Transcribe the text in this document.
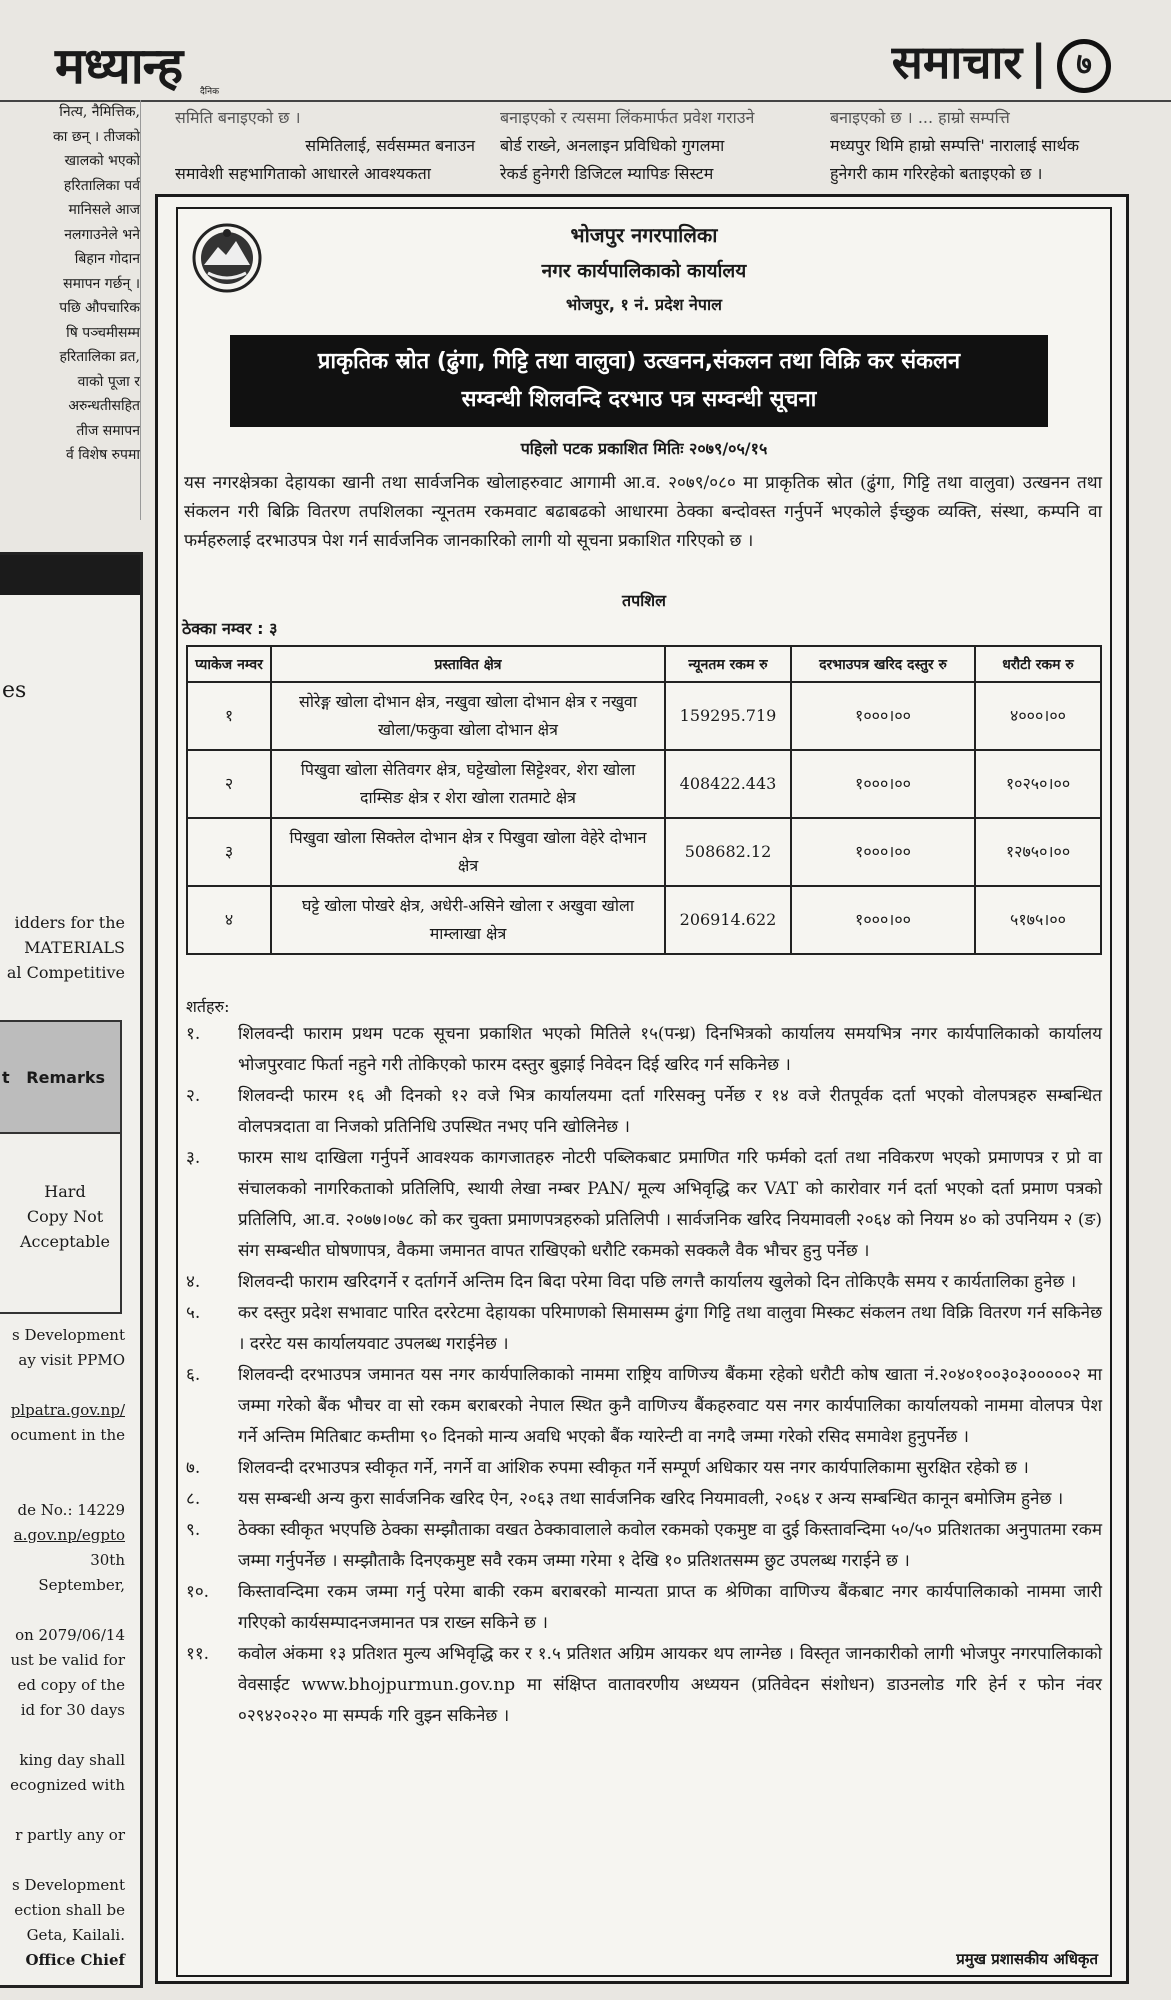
मध्यान्ह दैनिक
समाचार | ७
समिति बनाइएको छ ।
समितिलाई, सर्वसम्मत बनाउन
समावेशी सहभागिताको आधारले आवश्यकता
बनाइएको र त्यसमा लिंकमार्फत प्रवेश गराउने
बोर्ड राख्ने, अनलाइन प्रविधिको गुगलमा
रेकर्ड हुनेगरी डिजिटल म्यापिङ सिस्टम
बनाइएको छ । ... हाम्रो सम्पत्ति
मध्यपुर थिमि हाम्रो सम्पत्ति' नारालाई सार्थक
हुनेगरी काम गरिरहेको बताइएको छ ।
नित्य, नैमित्तिक,
का छन् । तीजको
खालको भएको
हरितालिका पर्व
मानिसले आज
नलगाउनेले भने
बिहान गोदान
समापन गर्छन् ।
पछि औपचारिक
षि पञ्चमीसम्म
हरितालिका व्रत,
वाको पूजा र
अरुन्धतीसहित
तीज समापन
र्व विशेष रुपमा
es
idders for the
MATERIALS
al Competitive
t Remarks
Hard
Copy Not
Acceptable
s Development
ay visit PPMO
plpatra.gov.np/
ocument in the
de No.: 14229
a.gov.np/egpto
30th September,
on 2079/06/14
ust be valid for
ed copy of the
id for 30 days
king day shall
ecognized with
r partly any or
s Development
ection shall be
Geta, Kailali.
Office Chief
भोजपुर नगरपालिका
नगर कार्यपालिकाको कार्यालय
भोजपुर, १ नं. प्रदेश नेपाल
प्राकृतिक स्रोत (ढुंगा, गिट्टि तथा वालुवा) उत्खनन,संकलन तथा विक्रि कर संकलन
सम्वन्धी शिलवन्दि दरभाउ पत्र सम्वन्धी सूचना
पहिलो पटक प्रकाशित मितिः २०७९/०५/१५
यस नगरक्षेत्रका देहायका खानी तथा सार्वजनिक खोलाहरुवाट आगामी आ.व. २०७९/०८० मा प्राकृतिक स्रोत (ढुंगा, गिट्टि तथा वालुवा) उत्खनन तथा संकलन गरी बिक्रि वितरण तपशिलका न्यूनतम रकमवाट बढाबढको आधारमा ठेक्का बन्दोवस्त गर्नुपर्ने भएकोले ईच्छुक व्यक्ति, संस्था, कम्पनि वा फर्महरुलाई दरभाउपत्र पेश गर्न सार्वजनिक जानकारिको लागी यो सूचना प्रकाशित गरिएको छ ।
तपशिल
ठेक्का नम्वर : ३
प्याकेज नम्वर	प्रस्तावित क्षेत्र	न्यूनतम रकम रु	दरभाउपत्र खरिद दस्तुर रु	धरौटी रकम रु
१	सोरेङ्ग खोला दोभान क्षेत्र, नखुवा खोला दोभान क्षेत्र र नखुवा खोला/फकुवा खोला दोभान क्षेत्र	159295.719	१०००।००	४०००।००
२	पिखुवा खोला सेतिवगर क्षेत्र, घट्टेखोला सिट्टेश्वर, शेरा खोला दाम्सिङ क्षेत्र र शेरा खोला रातमाटे क्षेत्र	408422.443	१०००।००	१०२५०।००
३	पिखुवा खोला सिक्तेल दोभान क्षेत्र र पिखुवा खोला वेहेरे दोभान क्षेत्र	508682.12	१०००।००	१२७५०।००
४	घट्टे खोला पोखरे क्षेत्र, अधेरी-असिने खोला र अखुवा खोला माम्लाखा क्षेत्र	206914.622	१०००।००	५१७५।००
शर्तहरु:
१. शिलवन्दी फाराम प्रथम पटक सूचना प्रकाशित भएको मितिले १५(पन्ध्र) दिनभित्रको कार्यालय समयभित्र नगर कार्यपालिकाको कार्यालय भोजपुरवाट फिर्ता नहुने गरी तोकिएको फारम दस्तुर बुझाई निवेदन दिई खरिद गर्न सकिनेछ ।
२. शिलवन्दी फारम १६ औ दिनको १२ वजे भित्र कार्यालयमा दर्ता गरिसक्नु पर्नेछ र १४ वजे रीतपूर्वक दर्ता भएको वोलपत्रहरु सम्बन्धित वोलपत्रदाता वा निजको प्रतिनिधि उपस्थित नभए पनि खोलिनेछ ।
३. फारम साथ दाखिला गर्नुपर्ने आवश्यक कागजातहरु नोटरी पब्लिकबाट प्रमाणित गरि फर्मको दर्ता तथा नविकरण भएको प्रमाणपत्र र प्रो वा संचालकको नागरिकताको प्रतिलिपि, स्थायी लेखा नम्बर PAN/ मूल्य अभिवृद्धि कर VAT को कारोवार गर्न दर्ता भएको दर्ता प्रमाण पत्रको प्रतिलिपि, आ.व. २०७७।०७८ को कर चुक्ता प्रमाणपत्रहरुको प्रतिलिपी । सार्वजनिक खरिद नियमावली २०६४ को नियम ४० को उपनियम २ (ङ) संग सम्बन्धीत घोषणापत्र, वैकमा जमानत वापत राखिएको धरौटि रकमको सक्कलै वैक भौचर हुनु पर्नेछ ।
४. शिलवन्दी फाराम खरिदगर्ने र दर्तागर्ने अन्तिम दिन बिदा परेमा विदा पछि लगत्तै कार्यालय खुलेको दिन तोकिएकै समय र कार्यतालिका हुनेछ ।
५. कर दस्तुर प्रदेश सभावाट पारित दररेटमा देहायका परिमाणको सिमासम्म ढुंगा गिट्टि तथा वालुवा मिस्कट संकलन तथा विक्रि वितरण गर्न सकिनेछ । दररेट यस कार्यालयवाट उपलब्ध गराईनेछ ।
६. शिलवन्दी दरभाउपत्र जमानत यस नगर कार्यपालिकाको नाममा राष्ट्रिय वाणिज्य बैंकमा रहेको धरौटी कोष खाता नं.२०४०१००३०३०००००२ मा जम्मा गरेको बैंक भौचर वा सो रकम बराबरको नेपाल स्थित कुनै वाणिज्य बैंकहरुवाट यस नगर कार्यपालिका कार्यालयको नाममा वोलपत्र पेश गर्ने अन्तिम मितिबाट कम्तीमा ९० दिनको मान्य अवधि भएको बैंक ग्यारेन्टी वा नगदै जम्मा गरेको रसिद समावेश हुनुपर्नेछ ।
७. शिलवन्दी दरभाउपत्र स्वीकृत गर्ने, नगर्ने वा आंशिक रुपमा स्वीकृत गर्ने सम्पूर्ण अधिकार यस नगर कार्यपालिकामा सुरक्षित रहेको छ ।
८. यस सम्बन्धी अन्य कुरा सार्वजनिक खरिद ऐन, २०६३ तथा सार्वजनिक खरिद नियमावली, २०६४ र अन्य सम्बन्धित कानून बमोजिम हुनेछ ।
९. ठेक्का स्वीकृत भएपछि ठेक्का सम्झौताका वखत ठेक्कावालाले कवोल रकमको एकमुष्ट वा दुई किस्तावन्दिमा ५०/५० प्रतिशतका अनुपातमा रकम जम्मा गर्नुपर्नेछ । सम्झौताकै दिनएकमुष्ट सवै रकम जम्मा गरेमा १ देखि १० प्रतिशतसम्म छुट उपलब्ध गराईने छ ।
१०. किस्तावन्दिमा रकम जम्मा गर्नु परेमा बाकी रकम बराबरको मान्यता प्राप्त क श्रेणिका वाणिज्य बैंकबाट नगर कार्यपालिकाको नाममा जारी गरिएको कार्यसम्पादनजमानत पत्र राख्न सकिने छ ।
११. कवोल अंकमा १३ प्रतिशत मुल्य अभिवृद्धि कर र १.५ प्रतिशत अग्रिम आयकर थप लाग्नेछ । विस्तृत जानकारीको लागी भोजपुर नगरपालिकाको वेवसाईट www.bhojpurmun.gov.np मा संक्षिप्त वातावरणीय अध्ययन (प्रतिवेदन संशोधन) डाउनलोड गरि हेर्न र फोन नंवर ०२९४२०२२० मा सम्पर्क गरि वुझ्न सकिनेछ ।
प्रमुख प्रशासकीय अधिकृत
